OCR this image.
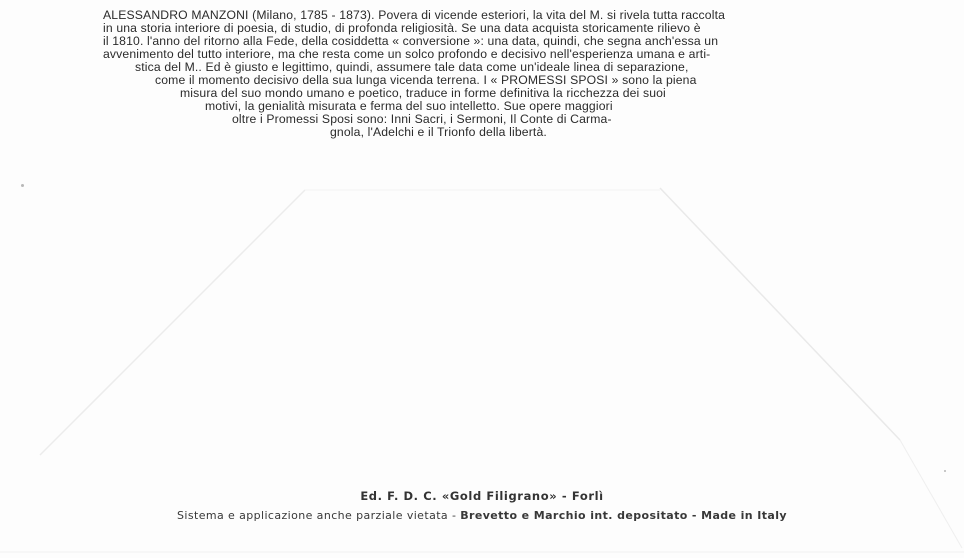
ALESSANDRO MANZONI (Milano, 1785 - 1873). Povera di vicende esteriori, la vita del M. si rivela tutta raccolta
in una storia interiore di poesia, di studio, di profonda religiosità. Se una data acquista storicamente rilievo è
il 1810. l'anno del ritorno alla Fede, della cosiddetta « conversione »: una data, quindi, che segna anch'essa un
avvenimento del tutto interiore, ma che resta come un solco profondo e decisivo nell'esperienza umana e arti-
stica del M.. Ed è giusto e legittimo, quindi, assumere tale data come un'ideale linea di separazione,
come il momento decisivo della sua lunga vicenda terrena. I « PROMESSI SPOSI » sono la piena
misura del suo mondo umano e poetico, traduce in forme definitiva la ricchezza dei suoi
motivi, la genialità misurata e ferma del suo intelletto. Sue opere maggiori
oltre i Promessi Sposi sono: Inni Sacri, i Sermoni, Il Conte di Carma-
gnola, l'Adelchi e il Trionfo della libertà.
Ed. F. D. C. «Gold Filigrano» - Forlì
Sistema e applicazione anche parziale vietata - Brevetto e Marchio int. depositato - Made in Italy
